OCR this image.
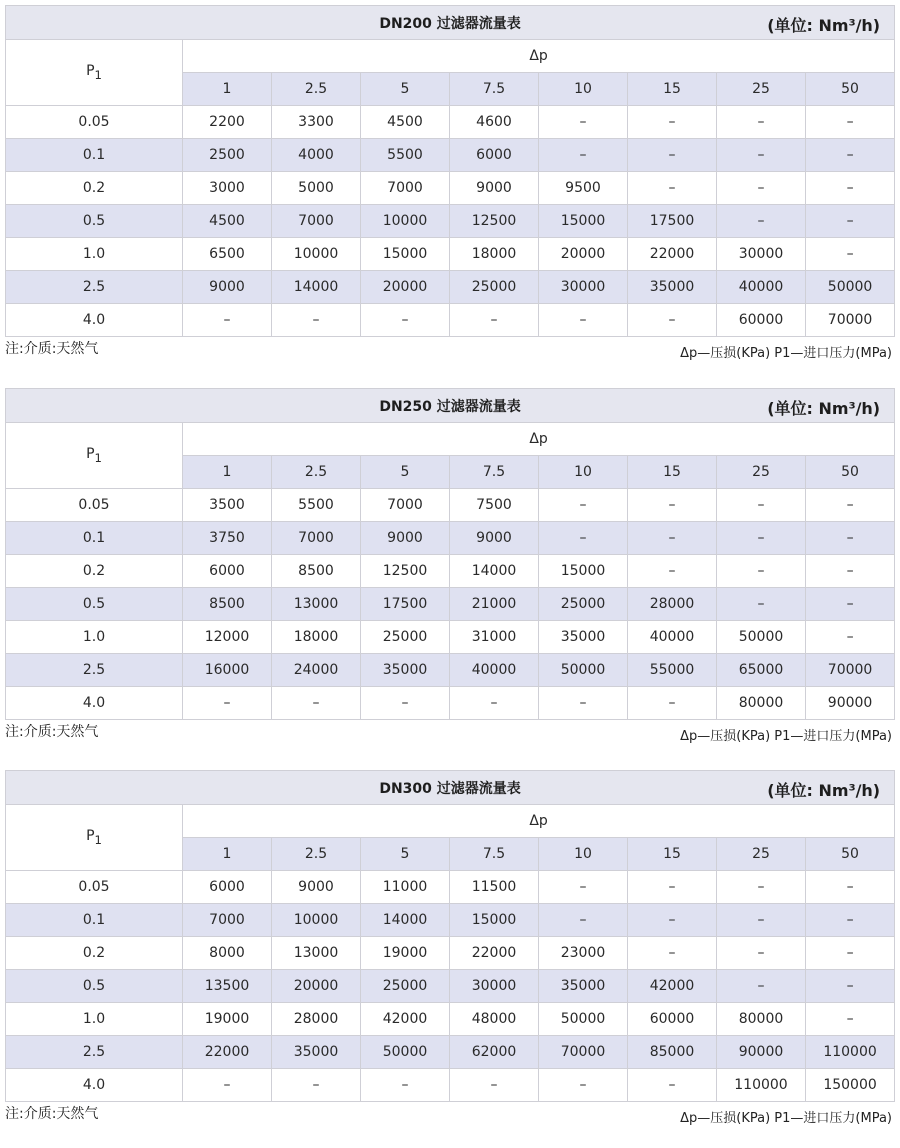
DN200 过滤器流量表 (单位: Nm³/h)								

$P_1$	Δp							
	1	2.5	5	7.5	10	15	25	50
0.05	2200	3300	4500	4600	–	–	–	–
0.1	2500	4000	5500	6000	–	–	–	–
0.2	3000	5000	7000	9000	9500	–	–	–
0.5	4500	7000	10000	12500	15000	17500	–	–
1.0	6500	10000	15000	18000	20000	22000	30000	–
2.5	9000	14000	20000	25000	30000	35000	40000	50000
4.0	–	–	–	–	–	–	60000	70000
注:介质:天然气	Δp—压损(KPa) P1—进口压力(MPa)
DN250 过滤器流量表 (单位: Nm³/h)								

$P_1$	Δp							
	1	2.5	5	7.5	10	15	25	50
0.05	3500	5500	7000	7500	–	–	–	–
0.1	3750	7000	9000	9000	–	–	–	–
0.2	6000	8500	12500	14000	15000	–	–	–
0.5	8500	13000	17500	21000	25000	28000	–	–
1.0	12000	18000	25000	31000	35000	40000	50000	–
2.5	16000	24000	35000	40000	50000	55000	65000	70000
4.0	–	–	–	–	–	–	80000	90000
注:介质:天然气	Δp—压损(KPa) P1—进口压力(MPa)
DN300 过滤器流量表 (单位: Nm³/h)								

$P_1$	Δp							
	1	2.5	5	7.5	10	15	25	50
0.05	6000	9000	11000	11500	–	–	–	–
0.1	7000	10000	14000	15000	–	–	–	–
0.2	8000	13000	19000	22000	23000	–	–	–
0.5	13500	20000	25000	30000	35000	42000	–	–
1.0	19000	28000	42000	48000	50000	60000	80000	–
2.5	22000	35000	50000	62000	70000	85000	90000	110000
4.0	–	–	–	–	–	–	110000	150000
注:介质:天然气	Δp—压损(KPa) P1—进口压力(MPa)
